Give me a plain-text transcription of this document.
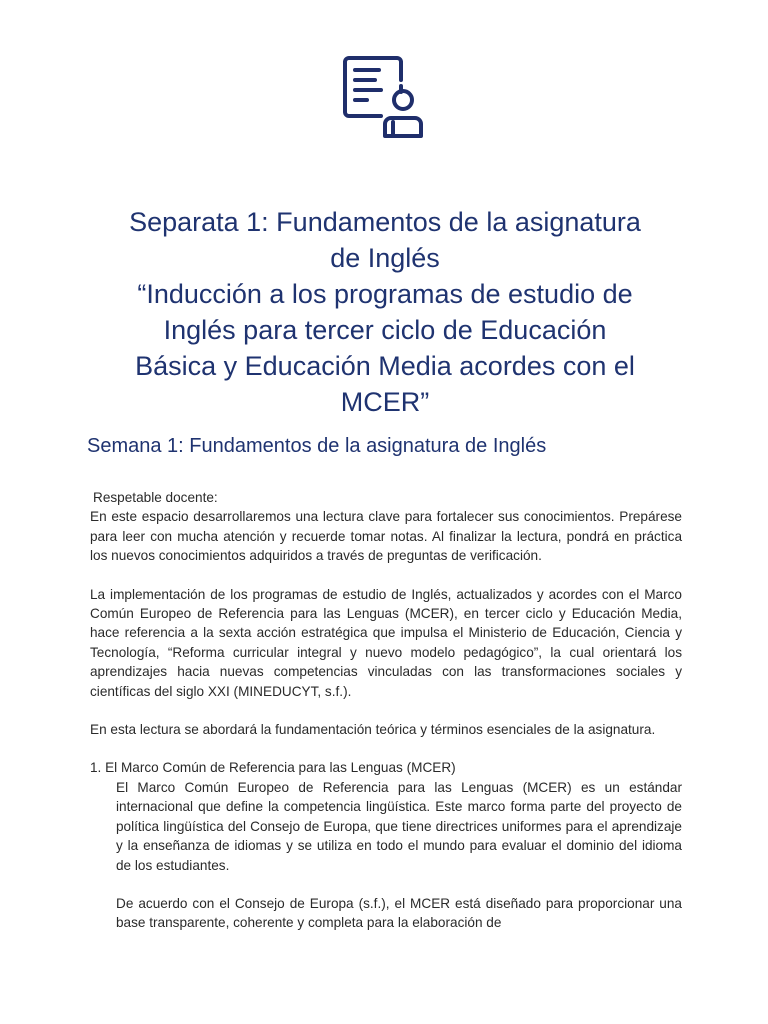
Separata 1: Fundamentos de la asignatura
de Inglés
“Inducción a los programas de estudio de
Inglés para tercer ciclo de Educación
Básica y Educación Media acordes con el
MCER”
Semana 1: Fundamentos de la asignatura de Inglés

Respetable docente:

En este espacio desarrollaremos una lectura clave para fortalecer sus conocimientos. Prepárese para leer con mucha atención y recuerde tomar notas. Al finalizar la lectura, pondrá en práctica los nuevos conocimientos adquiridos a través de preguntas de verificación.

La implementación de los programas de estudio de Inglés, actualizados y acordes con el Marco Común Europeo de Referencia para las Lenguas (MCER), en tercer ciclo y Educación Media, hace referencia a la sexta acción estratégica que impulsa el Ministerio de Educación, Ciencia y Tecnología, “Reforma curricular integral y nuevo modelo pedagógico”, la cual orientará los aprendizajes hacia nuevas competencias vinculadas con las transformaciones sociales y científicas del siglo XXI (MINEDUCYT, s.f.).

En esta lectura se abordará la fundamentación teórica y términos esenciales de la asignatura.

1. El Marco Común de Referencia para las Lenguas (MCER)

El Marco Común Europeo de Referencia para las Lenguas (MCER) es un estándar internacional que define la competencia lingüística. Este marco forma parte del proyecto de política lingüística del Consejo de Europa, que tiene directrices uniformes para el aprendizaje y la enseñanza de idiomas y se utiliza en todo el mundo para evaluar el dominio del idioma de los estudiantes.

De acuerdo con el Consejo de Europa (s.f.), el MCER está diseñado para proporcionar una base transparente, coherente y completa para la elaboración de
